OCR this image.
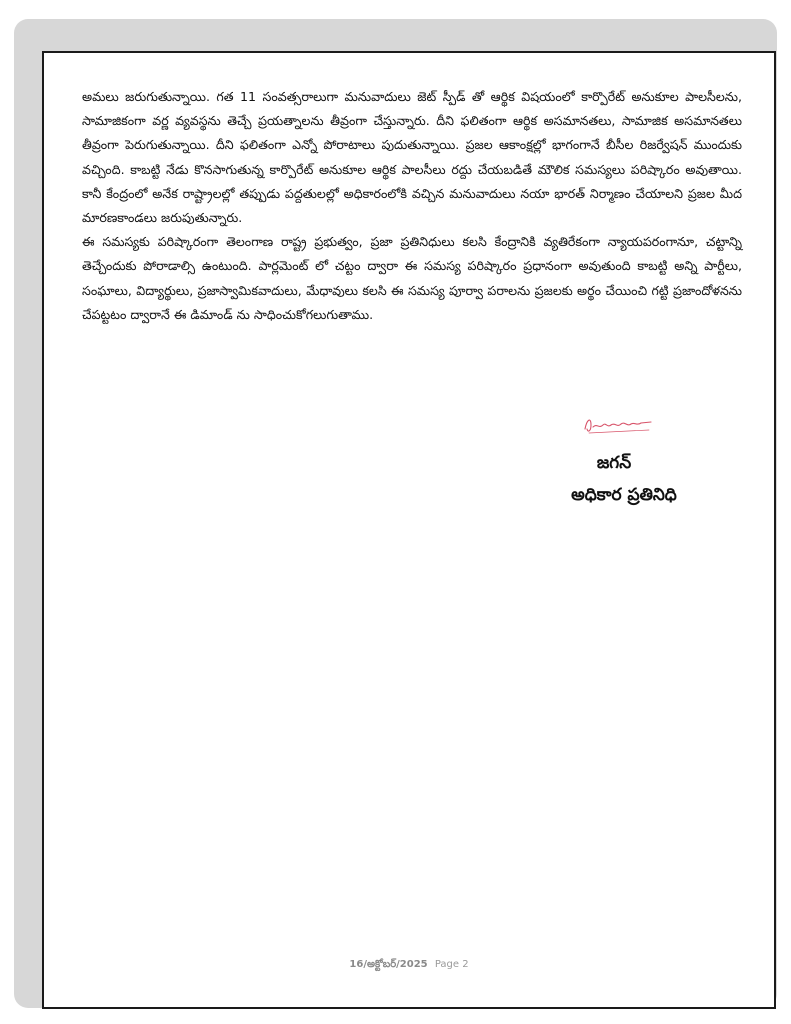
అమలు జరుగుతున్నాయి. గత 11 సంవత్సరాలుగా మనువాదులు జెట్ స్పీడ్ తో ఆర్థిక విషయంలో కార్పొరేట్ అనుకూల పాలసీలను, సామాజికంగా వర్ణ వ్యవస్థను తెచ్చే ప్రయత్నాలను తీవ్రంగా చేస్తున్నారు. దీని ఫలితంగా ఆర్థిక అసమానతలు, సామాజిక అసమానతలు తీవ్రంగా పెరుగుతున్నాయి. దీని ఫలితంగా ఎన్నో పోరాటాలు పుదుతున్నాయి. ప్రజల ఆకాంక్షల్లో భాగంగానే బీసీల రిజర్వేషన్ ముందుకు వచ్చింది. కాబట్టి నేడు కొనసాగుతున్న కార్పొరేట్ అనుకూల ఆర్థిక పాలసీలు రద్దు చేయబడితే మౌలిక సమస్యలు పరిష్కారం అవుతాయి. కానీ కేంద్రంలో అనేక రాష్ట్రాలల్లో తప్పుడు పద్దతులల్లో అధికారంలోకి వచ్చిన మనువాదులు నయా భారత్ నిర్మాణం చేయాలని ప్రజల మీద మారణకాండలు జరుపుతున్నారు.

ఈ సమస్యకు పరిష్కారంగా తెలంగాణ రాష్ట్ర ప్రభుత్వం, ప్రజా ప్రతినిధులు కలసి కేంద్రానికి వ్యతిరేకంగా న్యాయపరంగానూ, చట్టాన్ని తెచ్చేందుకు పోరాడాల్సి ఉంటుంది. పార్లమెంట్ లో చట్టం ద్వారా ఈ సమస్య పరిష్కారం ప్రధానంగా అవుతుంది కాబట్టి అన్ని పార్టీలు, సంఘాలు, విద్యార్థులు, ప్రజాస్వామికవాదులు, మేధావులు కలసి ఈ సమస్య పూర్వా పరాలను ప్రజలకు అర్థం చేయించి గట్టి ప్రజాందోళనను చేపట్టటం ద్వారానే ఈ డిమాండ్ ను సాధించుకోగలుగుతాము.

జగన్
అధికార ప్రతినిధి
16/అక్టోబర్/2025 Page 2
